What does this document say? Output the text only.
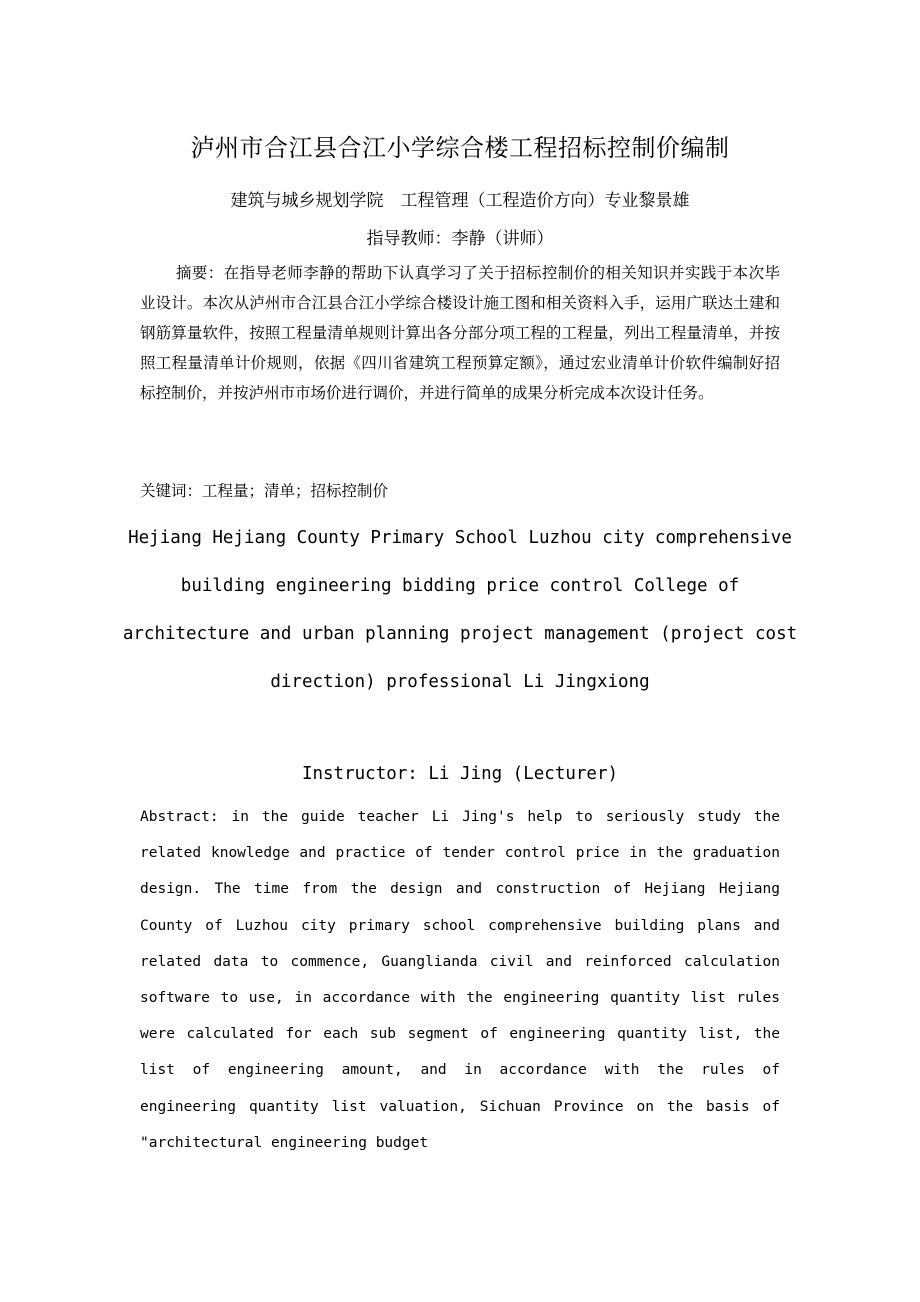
泸州市合江县合江小学综合楼工程招标控制价编制
建筑与城乡规划学院　工程管理（工程造价方向）专业黎景雄
指导教师：李静（讲师）

摘要：在指导老师李静的帮助下认真学习了关于招标控制价的相关知识并实践于本次毕业设计。本次从泸州市合江县合江小学综合楼设计施工图和相关资料入手，运用广联达土建和钢筋算量软件，按照工程量清单规则计算出各分部分项工程的工程量，列出工程量清单，并按照工程量清单计价规则，依据《四川省建筑工程预算定额》，通过宏业清单计价软件编制好招标控制价，并按泸州市市场价进行调价，并进行简单的成果分析完成本次设计任务。

关键词：工程量；清单；招标控制价

Hejiang Hejiang County Primary School Luzhou city comprehensive building engineering bidding price control College of architecture and urban planning project management (project cost direction) professional Li Jingxiong
Instructor: Li Jing (Lecturer)

Abstract: in the guide teacher Li Jing's help to seriously study the related knowledge and practice of tender control price in the graduation design. The time from the design and construction of Hejiang Hejiang County of Luzhou city primary school comprehensive building plans and related data to commence, Guanglianda civil and reinforced calculation software to use, in accordance with the engineering quantity list rules were calculated for each sub segment of engineering quantity list, the list of engineering amount, and in accordance with the rules of engineering quantity list valuation, Sichuan Province on the basis of "architectural engineering budget
